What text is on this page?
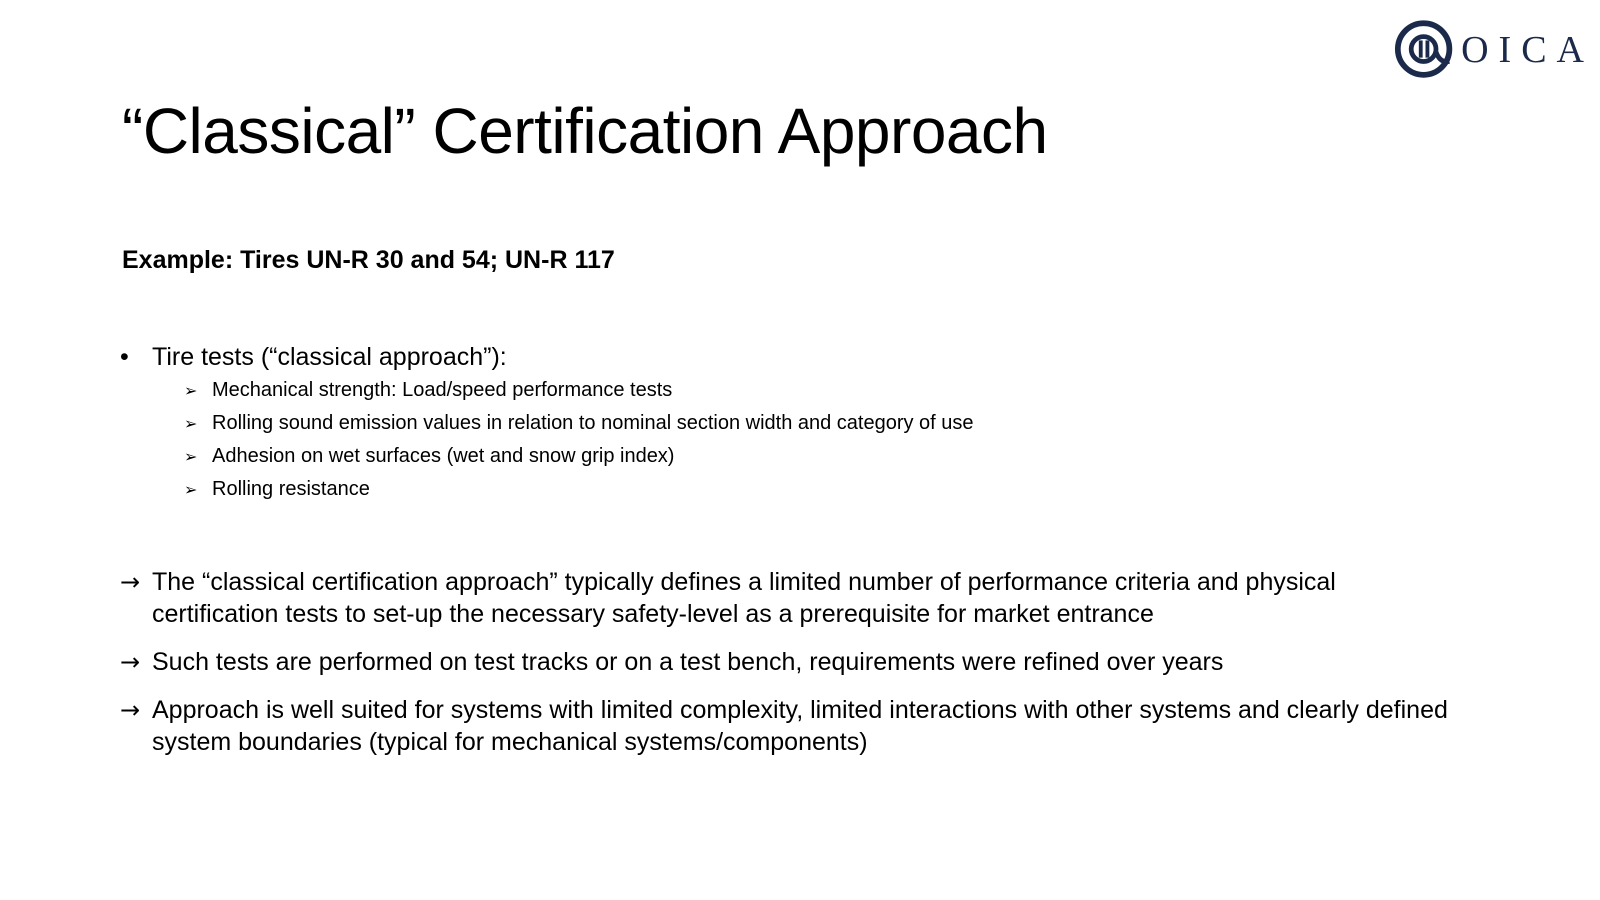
OICA
“Classical” Certification Approach
Example: Tires UN-R 30 and 54; UN-R 117
• Tire tests (“classical approach”):
➢ Mechanical strength: Load/speed performance tests
➢ Rolling sound emission values in relation to nominal section width and category of use
➢ Adhesion on wet surfaces (wet and snow grip index)
➢ Rolling resistance
→ The “classical certification approach” typically defines a limited number of performance criteria and physical certification tests to set-up the necessary safety-level as a prerequisite for market entrance
→ Such tests are performed on test tracks or on a test bench, requirements were refined over years
→ Approach is well suited for systems with limited complexity, limited interactions with other systems and clearly defined system boundaries (typical for mechanical systems/components)
